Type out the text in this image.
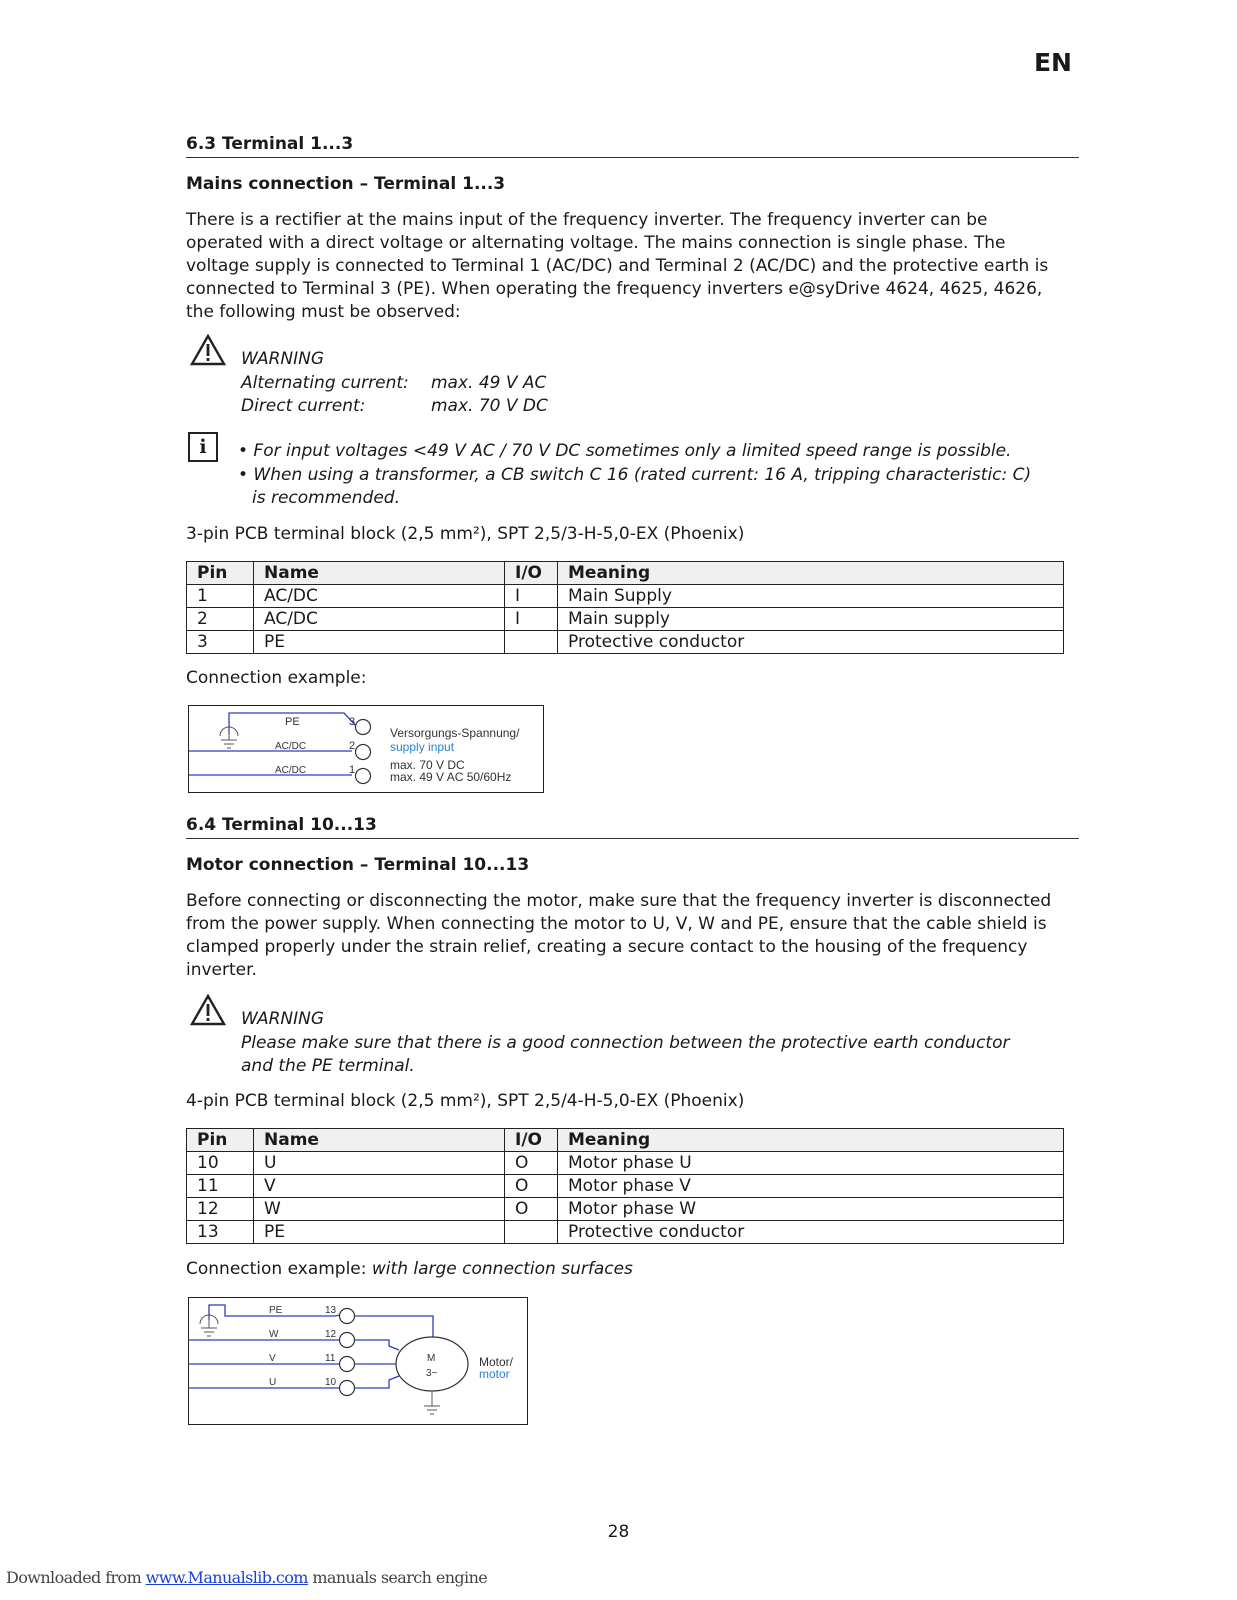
EN
6.3 Terminal 1...3
Mains connection – Terminal 1...3
There is a rectifier at the mains input of the frequency inverter. The frequency inverter can be operated with a direct voltage or alternating voltage. The mains connection is single phase. The voltage supply is connected to Terminal 1 (AC/DC) and Terminal 2 (AC/DC) and the protective earth is connected to Terminal 3 (PE). When operating the frequency inverters e@syDrive 4624, 4625, 4626, the following must be observed:
WARNING
Alternating current:	max. 49 V AC
Direct current:	max. 70 V DC
i	• For input voltages <49 V AC / 70 V DC sometimes only a limited speed range is possible.
• When using a transformer, a CB switch C 16 (rated current: 16 A, tripping characteristic: C) is recommended.
3-pin PCB terminal block (2,5 mm²), SPT 2,5/3-H-5,0-EX (Phoenix)
Pin	Name	I/O	Meaning
1	AC/DC	I	Main Supply
2	AC/DC	I	Main supply
3	PE		Protective conductor
Connection example:
PE
AC/DC
AC/DC
3
2
1
Versorgungs-Spannung/
supply input
max. 70 V DC
max. 49 V AC 50/60Hz
6.4 Terminal 10...13
Motor connection – Terminal 10...13
Before connecting or disconnecting the motor, make sure that the frequency inverter is disconnected from the power supply. When connecting the motor to U, V, W and PE, ensure that the cable shield is clamped properly under the strain relief, creating a secure contact to the housing of the frequency inverter.
WARNING
Please make sure that there is a good connection between the protective earth conductor and the PE terminal.
4-pin PCB terminal block (2,5 mm²), SPT 2,5/4-H-5,0-EX (Phoenix)
Pin	Name	I/O	Meaning
10	U	O	Motor phase U
11	V	O	Motor phase V
12	W	O	Motor phase W
13	PE		Protective conductor
Connection example: with large connection surfaces
M
3~
PE
W
V
U
13
12
11
10
Motor/
motor
28
Downloaded from www.Manualslib.com manuals search engine
